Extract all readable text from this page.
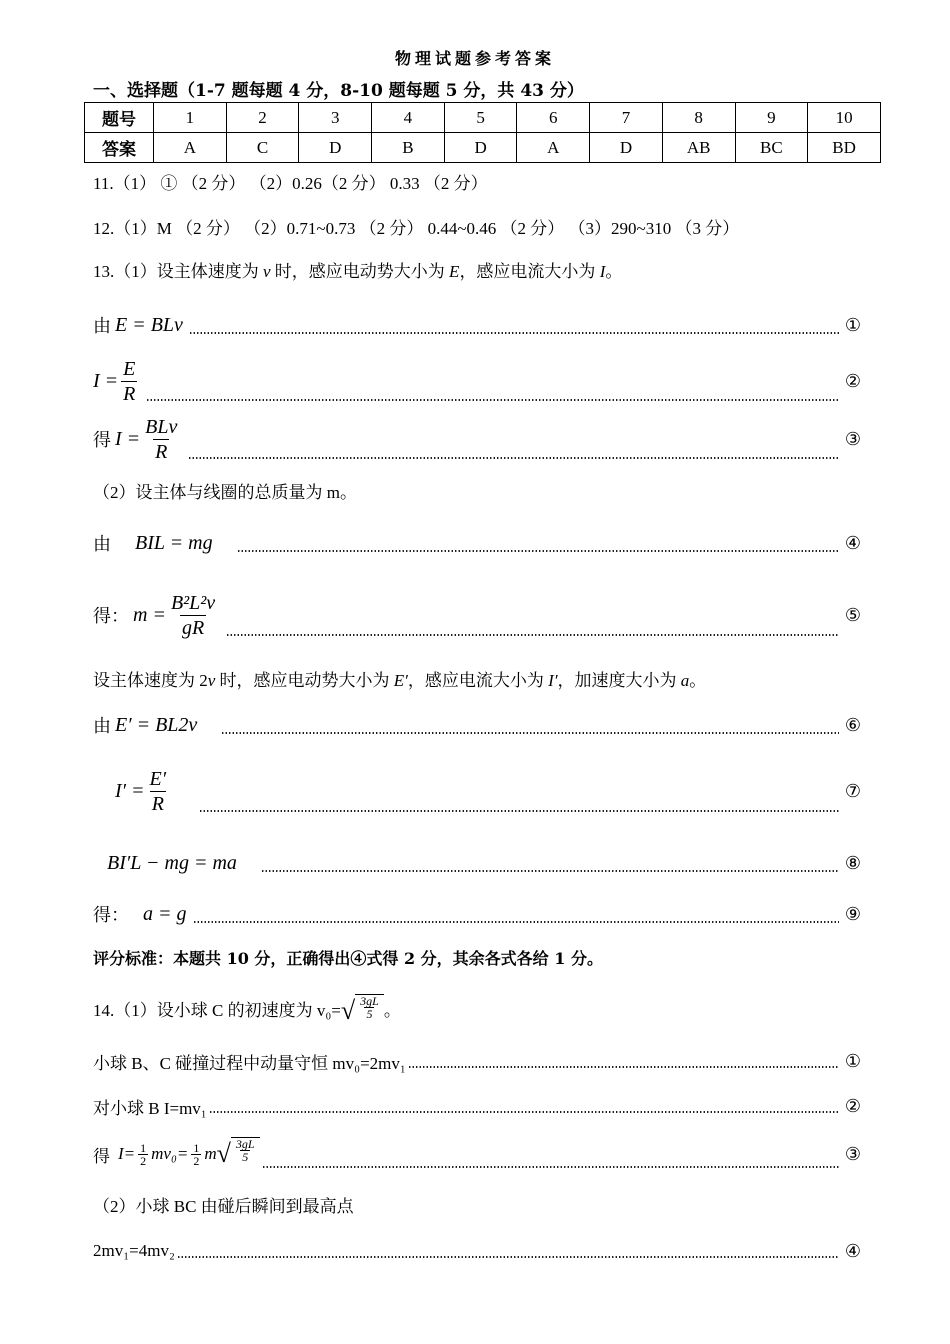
物理试题参考答案
一、选择题（1-7 题每题 4 分，8-10 题每题 5 分，共 43 分）
题号	1	2	3	4	5	6	7	8	9	10
答案	A	C	D	B	D	A	D	AB	BC	BD
11.（1） ① （2 分） （2）0.26（2 分） 0.33 （2 分）
12.（1）M （2 分） （2）0.71~0.73 （2 分） 0.44~0.46 （2 分） （3）290~310 （3 分）
13.（1）设主体速度为 v 时，感应电动势大小为 E，感应电流大小为 I。
由 E = BLv	①
$I = \frac{E}{R}$	②
得 $I = \frac{\text{BLv}}{R}$	③
（2）设主体与线圈的总质量为 m。
由 BIL = mg	④
得： $m = \frac{\text{B²L²v}}{gR}$	⑤
设主体速度为 2v 时，感应电动势大小为 E′，感应电流大小为 I′，加速度大小为 a。
由 E′ = BL2v	⑥
$I' = \frac{E'}{R}$	⑦
BI′L − mg = ma	⑧
得： a = g	⑨
评分标准：本题共 10 分，正确得出④式得 2 分，其余各式各给 1 分。
14.（1）设小球 C 的初速度为 v₀= √ $\frac{3gL}{5}$ 。
小球 B、C 碰撞过程中动量守恒 mv₀=2mv₁	①
对小球 B I=mv₁	②
得 $I= \frac{1}{2} mv_0= \frac{1}{2}$ m √ $\frac{3gL}{5}$	③
（2）小球 BC 由碰后瞬间到最高点
2mv₁=4mv₂	④
